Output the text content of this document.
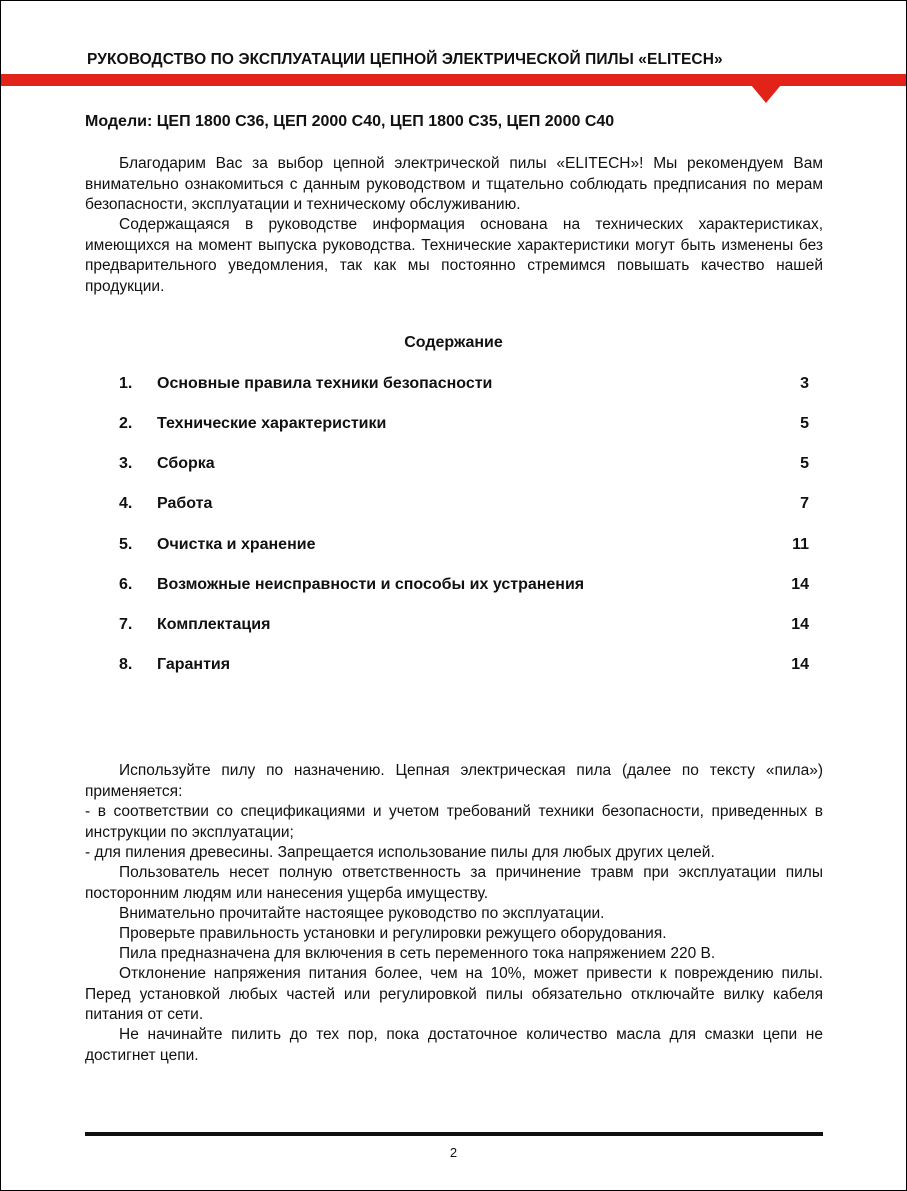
РУКОВОДСТВО ПО ЭКСПЛУАТАЦИИ ЦЕПНОЙ ЭЛЕКТРИЧЕСКОЙ ПИЛЫ «ELITECH»
Модели: ЦЕП 1800 С36, ЦЕП 2000 С40, ЦЕП 1800 С35, ЦЕП 2000 С40

Благодарим Вас за выбор цепной электрической пилы «ELITECH»! Мы рекомендуем Вам внимательно ознакомиться с данным руководством и тщательно соблюдать предписания по мерам безопасности, эксплуатации и техническому обслуживанию.

Содержащаяся в руководстве информация основана на технических характеристиках, имеющихся на момент выпуска руководства. Технические характеристики могут быть изменены без предварительного уведомления, так как мы постоянно стремимся повышать качество нашей продукции.

Содержание
1. Основные правила техники безопасности	3
2. Технические характеристики	5
3. Сборка	5
4. Работа	7
5. Очистка и хранение	11
6. Возможные неисправности и способы их устранения	14
7. Комплектация	14
8. Гарантия	14

Используйте пилу по назначению. Цепная электрическая пила (далее по тексту «пила») применяется:

- в соответствии со спецификациями и учетом требований техники безопасности, приведенных в инструкции по эксплуатации;

- для пиления древесины. Запрещается использование пилы для любых других целей.

Пользователь несет полную ответственность за причинение травм при эксплуатации пилы посторонним людям или нанесения ущерба имуществу.

Внимательно прочитайте настоящее руководство по эксплуатации.

Проверьте правильность установки и регулировки режущего оборудования.

Пила предназначена для включения в сеть переменного тока напряжением 220 В.

Отклонение напряжения питания более, чем на 10%, может привести к повреждению пилы. Перед установкой любых частей или регулировкой пилы обязательно отключайте вилку кабеля питания от сети.

Не начинайте пилить до тех пор, пока достаточное количество масла для смазки цепи не достигнет цепи.

2
